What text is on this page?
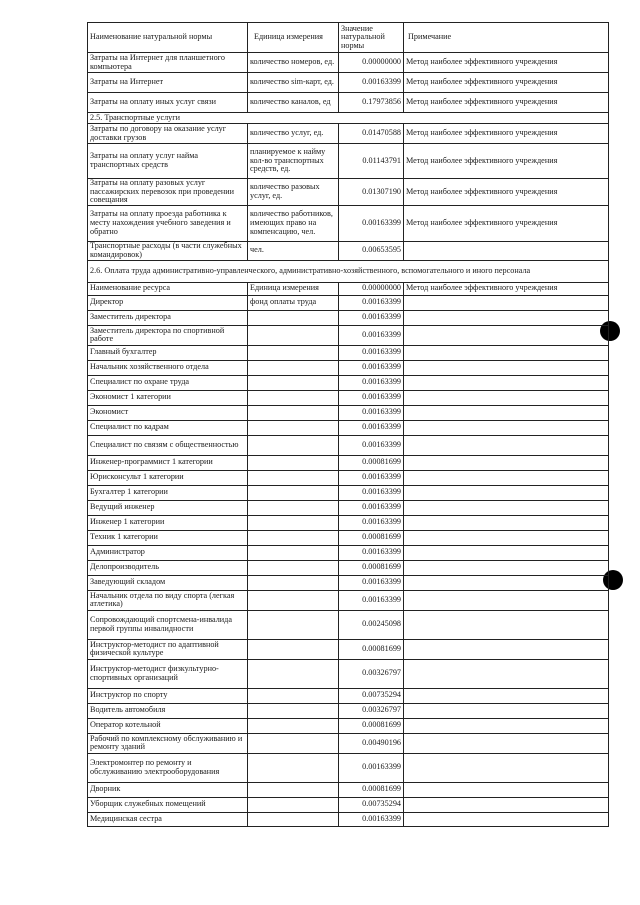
Наименование натуральной нормы	Единица измерения	Значение натуральной нормы	Примечание
Затраты на Интернет для планшетного компьютера	количество номеров, ед.	0.00000000	Метод наиболее эффективного учреждения
Затраты на Интернет	количество sim-карт, ед.	0.00163399	Метод наиболее эффективного учреждения
Затраты на оплату иных услуг связи	количество каналов, ед	0.17973856	Метод наиболее эффективного учреждения
2.5. Транспортные услуги			
Затраты по договору на оказание услуг доставки грузов	количество услуг, ед.	0.01470588	Метод наиболее эффективного учреждения
Затраты на оплату услуг найма транспортных средств	планируемое к найму кол-во транспортных средств, ед.	0.01143791	Метод наиболее эффективного учреждения
Затраты на оплату разовых услуг пассажирских перевозок при проведении совещания	количество разовых услуг, ед.	0.01307190	Метод наиболее эффективного учреждения
Затраты на оплату проезда работника к месту нахождения учебного заведения и обратно	количество работников, имеющих право на компенсацию, чел.	0.00163399	Метод наиболее эффективного учреждения
Транспортные расходы (в части служебных командировок)	чел.	0.00653595	
2.6. Оплата труда административно-управленческого, административно-хозяйственного, вспомогательного и иного персонала			
Наименование ресурса	Единица измерения	0.00000000	Метод наиболее эффективного учреждения
Директор	фонд оплаты труда	0.00163399	
Заместитель директора		0.00163399	
Заместитель директора по спортивной работе		0.00163399	
Главный бухгалтер		0.00163399	
Начальник хозяйственного отдела		0.00163399	
Специалист по охране труда		0.00163399	
Экономист 1 категории		0.00163399	
Экономист		0.00163399	
Специалист по кадрам		0.00163399	
Специалист по связям с общественностью		0.00163399	
Инженер-программист 1 категории		0.00081699	
Юрисконсульт 1 категории		0.00163399	
Бухгалтер 1 категории		0.00163399	
Ведущий инженер		0.00163399	
Инженер 1 категории		0.00163399	
Техник 1 категории		0.00081699	
Администратор		0.00163399	
Делопроизводитель		0.00081699	
Заведующий складом		0.00163399	
Начальник отдела по виду спорта (легкая атлетика)		0.00163399	
Сопровождающий спортсмена-инвалида первой группы инвалидности		0.00245098	
Инструктор-методист по адаптивной физической культуре		0.00081699	
Инструктор-методист физкультурно-спортивных организаций		0.00326797	
Инструктор по спорту		0.00735294	
Водитель автомобиля		0.00326797	
Оператор котельной		0.00081699	
Рабочий по комплексному обслуживанию и ремонту зданий		0.00490196	
Электромонтер по ремонту и обслуживанию электрооборудования		0.00163399	
Дворник		0.00081699	
Уборщик служебных помещений		0.00735294	
Медицинская сестра		0.00163399	
